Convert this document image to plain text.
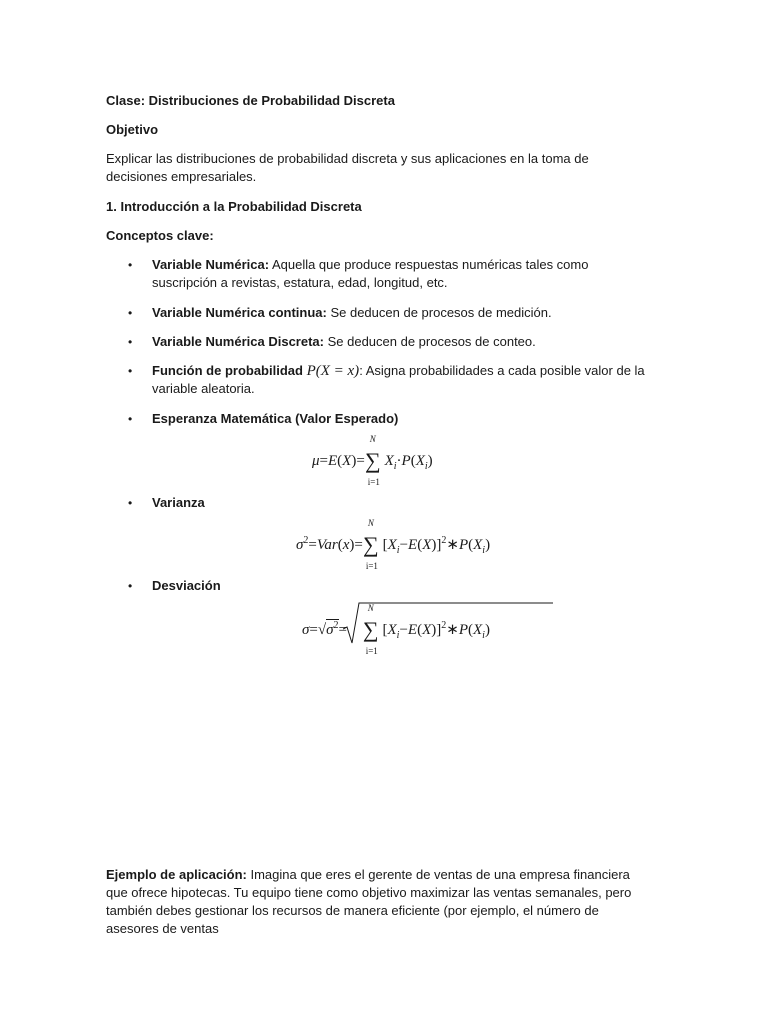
Clase: Distribuciones de Probabilidad Discreta
Objetivo
Explicar las distribuciones de probabilidad discreta y sus aplicaciones en la toma de decisiones empresariales.
1. Introducción a la Probabilidad Discreta
Conceptos clave:
• Variable Numérica: Aquella que produce respuestas numéricas tales como suscripción a revistas, estatura, edad, longitud, etc.
• Variable Numérica continua: Se deducen de procesos de medición.
• Variable Numérica Discreta: Se deducen de procesos de conteo.
• Función de probabilidad P(X = x): Asigna probabilidades a cada posible valor de la variable aleatoria.
• Esperanza Matemática (Valor Esperado)
μ=E(X)=
N
∑
i=1
$X_i\cdot P(X_i)$
• Varianza
$\sigma^2=Var(x)=$
N
∑
i=1
$[X_i-E(X)]^2∗P(X_i)$
• Desviación
$\sigma=√\sigma^2=$
N
∑
i=1
$[X_i-E(X)]^2∗P(X_i)$
Ejemplo de aplicación: Imagina que eres el gerente de ventas de una empresa financiera que ofrece hipotecas. Tu equipo tiene como objetivo maximizar las ventas semanales, pero también debes gestionar los recursos de manera eficiente (por ejemplo, el número de asesores de ventas
